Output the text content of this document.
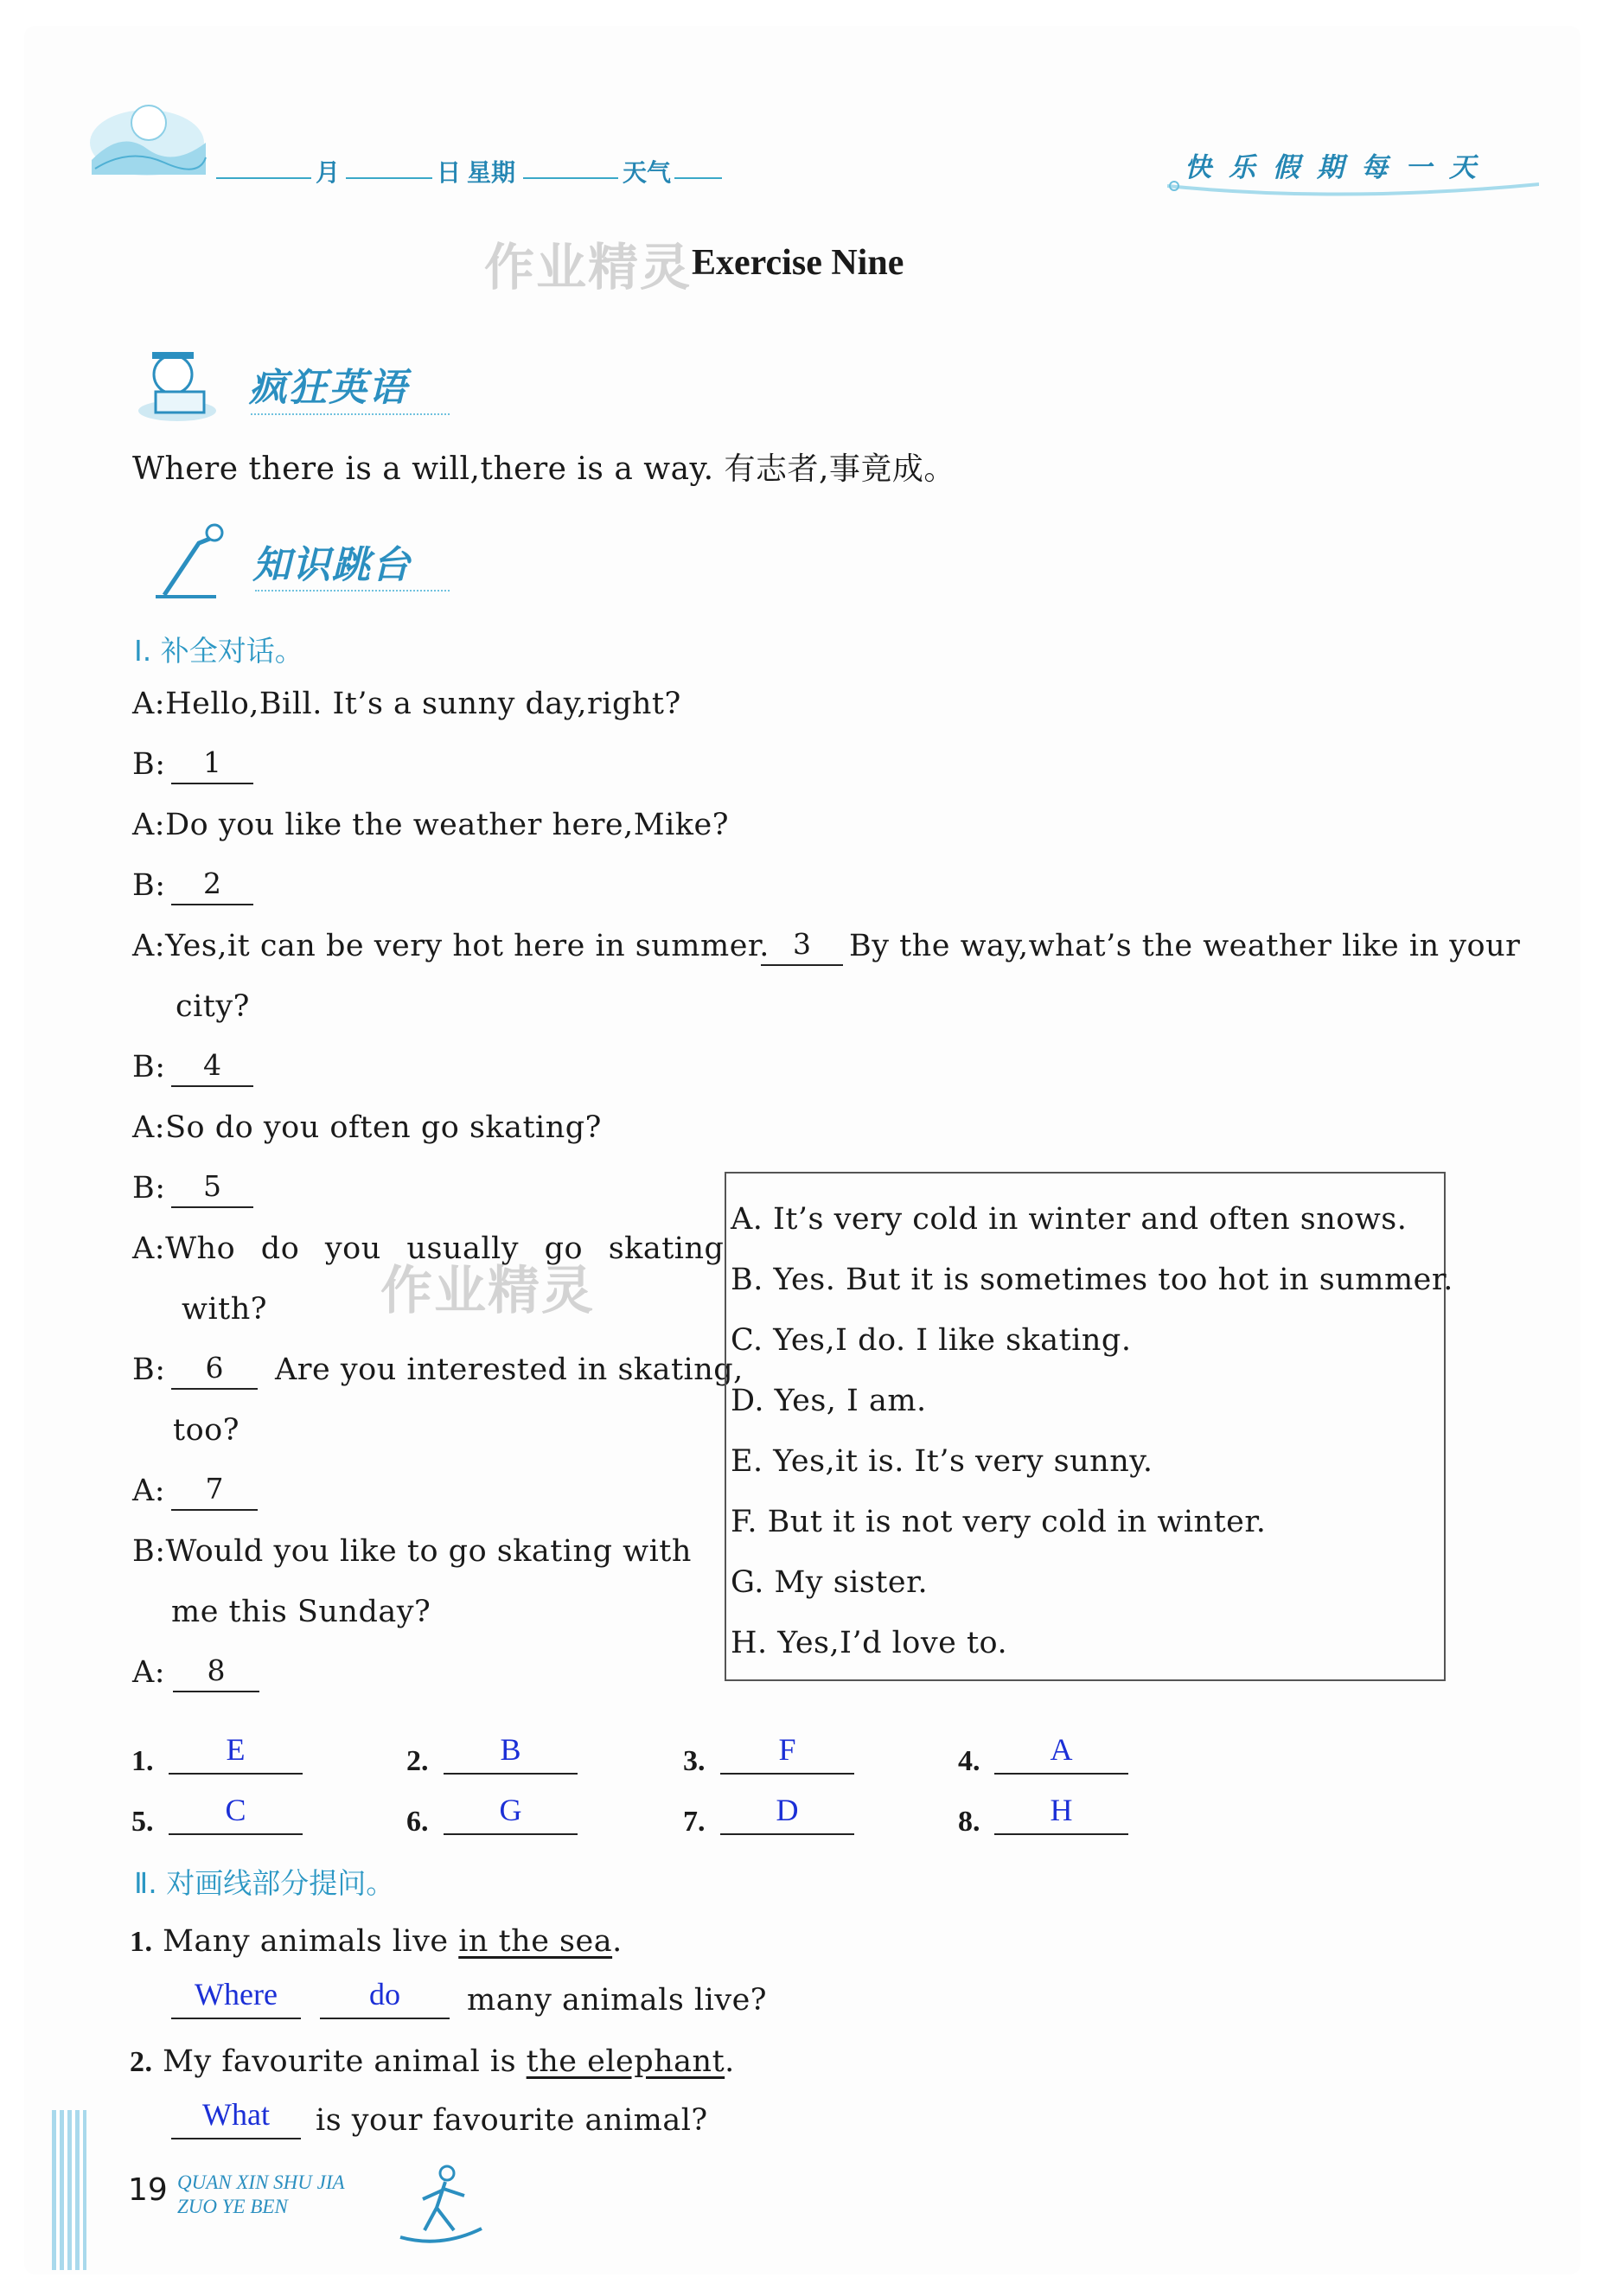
月	日 星期	天气	快乐假期每一天
作业精灵 Exercise Nine
疯狂英语
Where there is a will,there is a way. 有志者,事竟成。
知识跳台
Ⅰ. 补全对话。
A:Hello,Bill. It’s a sunny day,right?
B:	1
A:Do you like the weather here,Mike?
B:	2
A:Yes,it can be very hot here in summer. 3	By the way,what’s the weather like in your
city?
B:	4
A:So do you often go skating?
B:	5
A:Who do you usually go skating
with? 作业精灵
B:	6	Are you interested in skating,
too?
A:	7
B:Would you like to go skating with
me this Sunday?
A:	8
A. It’s very cold in winter and often snows.
B. Yes. But it is sometimes too hot in summer.
C. Yes,I do. I like skating.
D. Yes, I am.
E. Yes,it is. It’s very sunny.
F. But it is not very cold in winter.
G. My sister.
H. Yes,I’d love to.
1.	E	2.	B	3.	F	4.	A
5.	C	6.	G	7.	D	8.	H
Ⅱ. 对画线部分提问。
1. Many animals live in the sea.
Where	do	many animals live?
2. My favourite animal is the elephant.
What	is your favourite animal?
19 QUAN XIN SHU JIA
ZUO YE BEN
